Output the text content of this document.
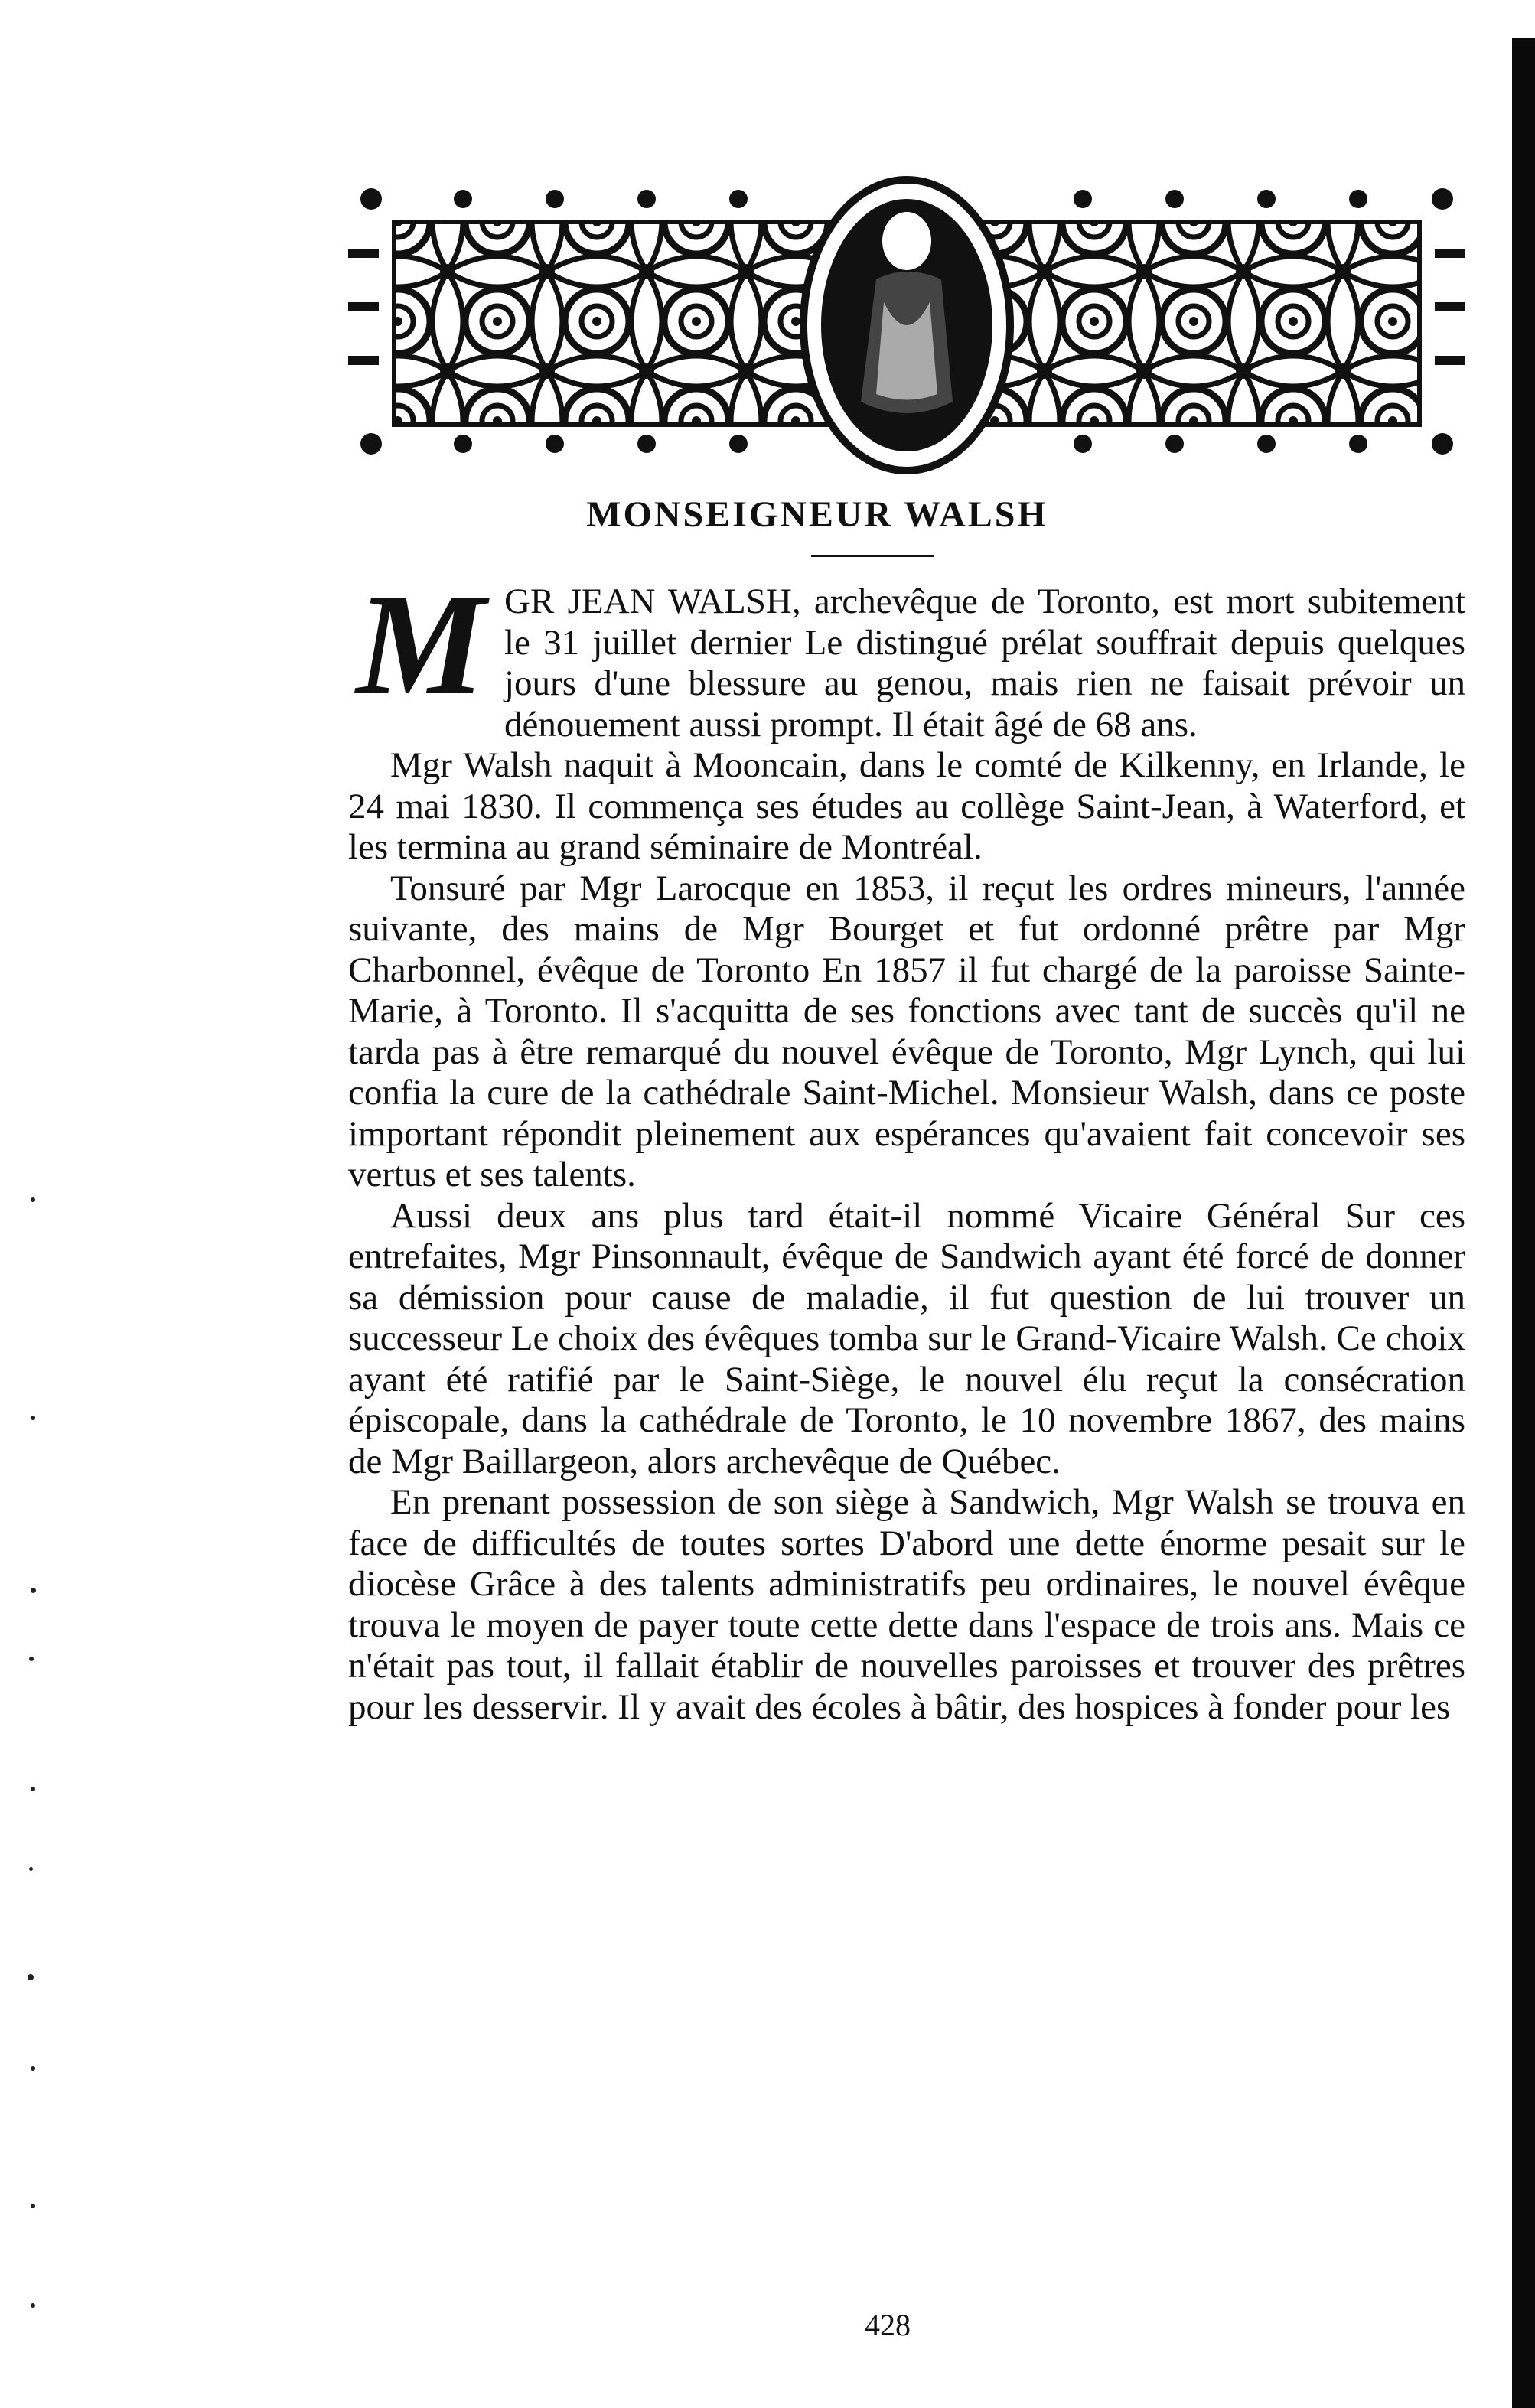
MONSEIGNEUR WALSH

MGR JEAN WALSH, archevêque de Toronto, est mort subitement le 31 juillet dernier Le distingué prélat souffrait depuis quelques jours d'une blessure au genou, mais rien ne faisait prévoir un dénouement aussi prompt. Il était âgé de 68 ans.

Mgr Walsh naquit à Mooncain, dans le comté de Kilkenny, en Irlande, le 24 mai 1830. Il commença ses études au collège Saint-Jean, à Waterford, et les termina au grand séminaire de Montréal.

Tonsuré par Mgr Larocque en 1853, il reçut les ordres mineurs, l'année suivante, des mains de Mgr Bourget et fut ordonné prêtre par Mgr Charbonnel, évêque de Toronto En 1857 il fut chargé de la paroisse Sainte-Marie, à Toronto. Il s'acquitta de ses fonctions avec tant de succès qu'il ne tarda pas à être remarqué du nouvel évêque de Toronto, Mgr Lynch, qui lui confia la cure de la cathédrale Saint-Michel. Monsieur Walsh, dans ce poste important répondit pleinement aux espérances qu'avaient fait concevoir ses vertus et ses talents.

Aussi deux ans plus tard était-il nommé Vicaire Général Sur ces entrefaites, Mgr Pinsonnault, évêque de Sandwich ayant été forcé de donner sa démission pour cause de maladie, il fut question de lui trouver un successeur Le choix des évêques tomba sur le Grand-Vicaire Walsh. Ce choix ayant été ratifié par le Saint-Siège, le nouvel élu reçut la consécration épiscopale, dans la cathédrale de Toronto, le 10 novembre 1867, des mains de Mgr Baillargeon, alors archevêque de Québec.

En prenant possession de son siège à Sandwich, Mgr Walsh se trouva en face de difficultés de toutes sortes D'abord une dette énorme pesait sur le diocèse Grâce à des talents administratifs peu ordinaires, le nouvel évêque trouva le moyen de payer toute cette dette dans l'espace de trois ans. Mais ce n'était pas tout, il fallait établir de nouvelles paroisses et trouver des prêtres pour les desservir. Il y avait des écoles à bâtir, des hospices à fonder pour les

428
